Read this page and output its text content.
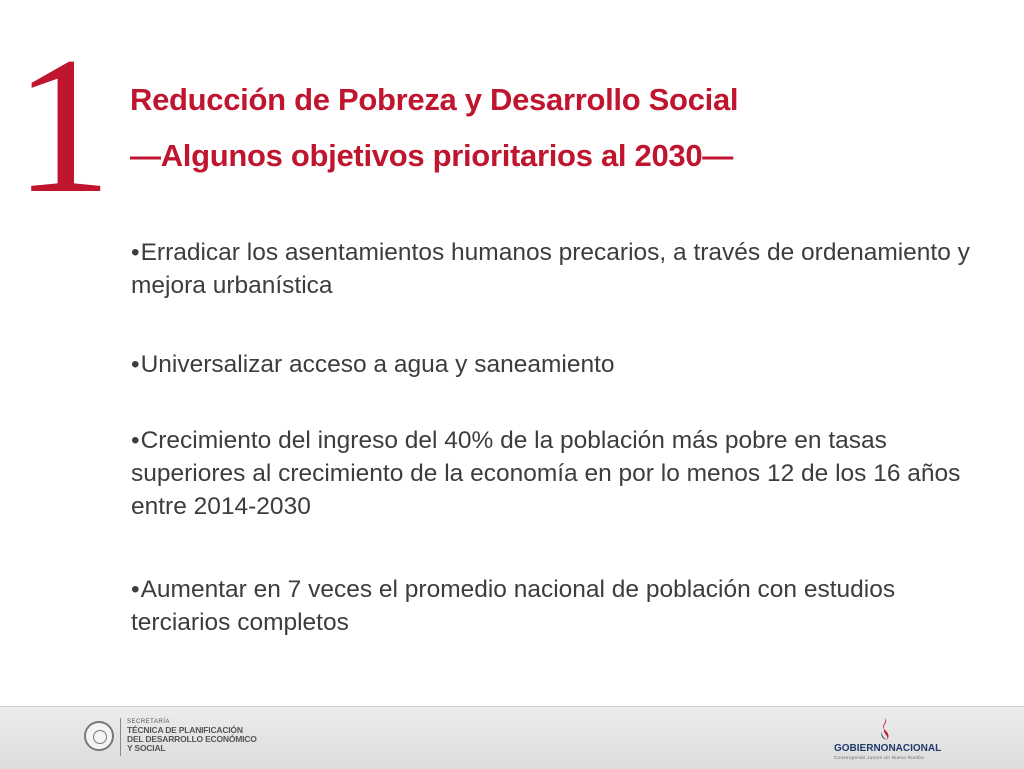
1 Reducción de Pobreza y Desarrollo Social
—Algunos objetivos prioritarios al 2030—
•Erradicar los asentamientos humanos precarios, a través de ordenamiento y mejora urbanística
•Universalizar acceso a agua y saneamiento
•Crecimiento del ingreso del 40% de la población más pobre en tasas superiores al crecimiento de la economía en por lo menos 12 de los 16 años entre 2014-2030
•Aumentar en 7 veces el promedio nacional de población con estudios terciarios completos
SECRETARÍA
TÉCNICA DE PLANIFICACIÓN
DEL DESARROLLO ECONÓMICO
Y SOCIAL	GOBIERNONACIONAL
Construyendo Juntos Un Nuevo Rumbo
